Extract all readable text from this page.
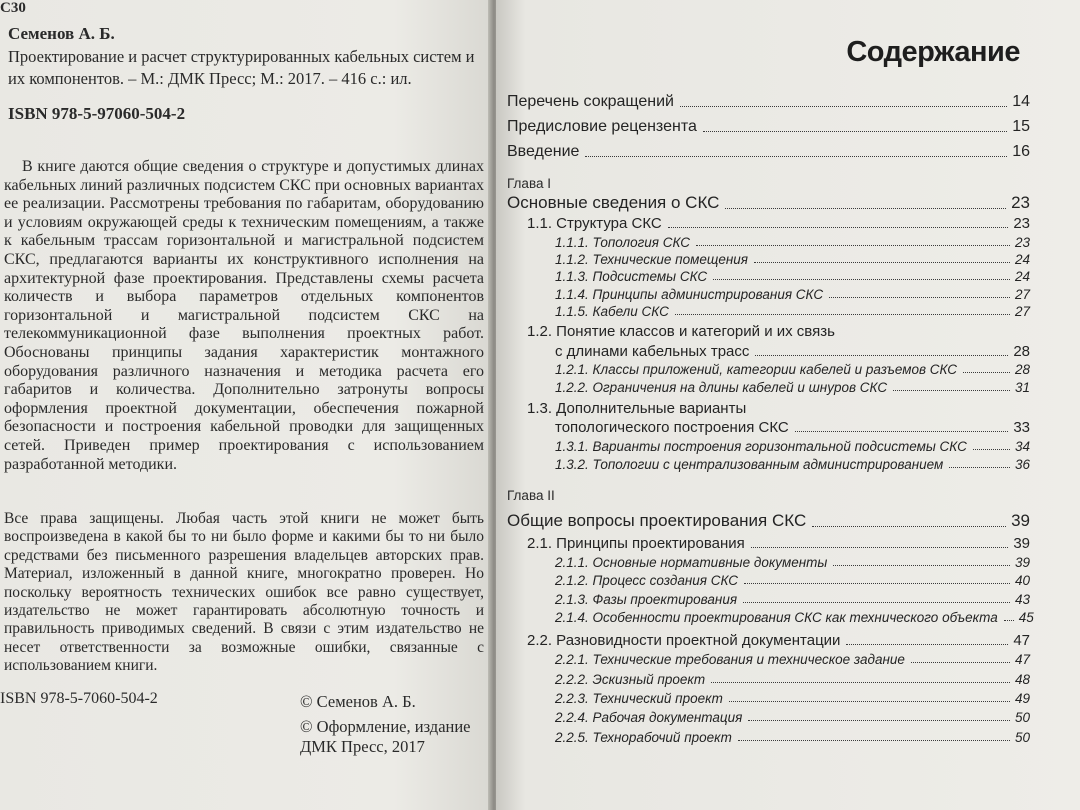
С30
Семенов А. Б.
Проектирование и расчет структурированных кабельных систем и их компонентов. – М.: ДМК Пресс; М.: 2017. – 416 с.: ил.
ISBN 978-5-97060-504-2
В книге даются общие сведения о структуре и допустимых длинах кабельных линий различных подсистем СКС при основных вариантах ее реализации. Рассмотрены требования по габаритам, оборудованию и условиям окружающей среды к техническим помещениям, а также к кабельным трассам горизонтальной и магистральной подсистем СКС, предлагаются варианты их конструктивного исполнения на архитектурной фазе проектирования. Представлены схемы расчета количеств и выбора параметров отдельных компонентов горизонтальной и магистральной подсистем СКС на телекоммуникационной фазе выполнения проектных работ. Обоснованы принципы задания характеристик монтажного оборудования различного назначения и методика расчета его габаритов и количества. Дополнительно затронуты вопросы оформления проектной документации, обеспечения пожарной безопасности и построения кабельной проводки для защищенных сетей. Приведен пример проектирования с использованием разработанной методики.
Все права защищены. Любая часть этой книги не может быть воспроизведена в какой бы то ни было форме и какими бы то ни было средствами без письменного разрешения владельцев авторских прав. Материал, изложенный в данной книге, многократно проверен. Но поскольку вероятность технических ошибок все равно существует, издательство не может гарантировать абсолютную точность и правильность приводимых сведений. В связи с этим издательство не несет ответственности за возможные ошибки, связанные с использованием книги.
ISBN 978-5-7060-504-2	© Семенов А. Б.
© Оформление, издание ДМК Пресс, 2017
Содержание
Перечень сокращений	14
Предисловие рецензента	15
Введение	16
Глава I
Основные сведения о СКС	23
1.1. Структура СКС	23
1.1.1. Топология СКС	23
1.1.2. Технические помещения	24
1.1.3. Подсистемы СКС	24
1.1.4. Принципы администрирования СКС	27
1.1.5. Кабели СКС	27
1.2. Понятие классов и категорий и их связь
с длинами кабельных трасс	28
1.2.1. Классы приложений, категории кабелей и разъемов СКС	28
1.2.2. Ограничения на длины кабелей и шнуров СКС	31
1.3. Дополнительные варианты
топологического построения СКС	33
1.3.1. Варианты построения горизонтальной подсистемы СКС	34
1.3.2. Топологии с централизованным администрированием	36
Глава II
Общие вопросы проектирования СКС	39
2.1. Принципы проектирования	39
2.1.1. Основные нормативные документы	39
2.1.2. Процесс создания СКС	40
2.1.3. Фазы проектирования	43
2.1.4. Особенности проектирования СКС как технического объекта 45
2.2. Разновидности проектной документации	47
2.2.1. Технические требования и техническое задание	47
2.2.2. Эскизный проект	48
2.2.3. Технический проект	49
2.2.4. Рабочая документация	50
2.2.5. Технорабочий проект	50
